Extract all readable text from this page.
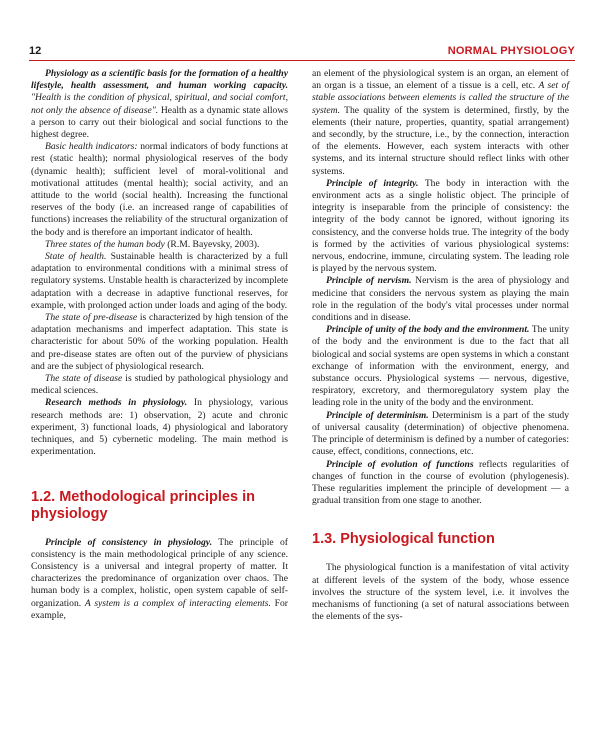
12	NORMAL PHYSIOLOGY

Physiology as a scientific basis for the formation of a healthy lifestyle, health assessment, and human working capacity. "Health is the condition of physical, spiritual, and social comfort, not only the absence of disease". Health as a dynamic state allows a person to carry out their biological and social functions to the highest degree.

Basic health indicators: normal indicators of body functions at rest (static health); normal physiological reserves of the body (dynamic health); sufficient level of moral-volitional and motivational attitudes (mental health); social activity, and an attitude to the world (social health). Increasing the functional reserves of the body (i.e. an increased range of capabilities of functions) increases the reliability of the structural organization of the body and is therefore an important indicator of health.

Three states of the human body (R.M. Bayevsky, 2003).

State of health. Sustainable health is characterized by a full adaptation to environmental conditions with a minimal stress of regulatory systems. Unstable health is characterized by incomplete adaptation with a decrease in adaptive functional reserves, for example, with prolonged action under loads and aging of the body.

The state of pre-disease is characterized by high tension of the adaptation mechanisms and imperfect adaptation. This state is characteristic for about 50% of the working population. Health and pre-disease states are often out of the purview of physicians and are the subject of physiological research.

The state of disease is studied by pathological physiology and medical sciences.

Research methods in physiology. In physiology, various research methods are: 1) observation, 2) acute and chronic experiment, 3) functional loads, 4) physiological and laboratory techniques, and 5) cybernetic modeling. The main method is experimentation.

1.2. Methodological principles in physiology

Principle of consistency in physiology. The principle of consistency is the main methodological principle of any science. Consistency is a universal and integral property of matter. It characterizes the predominance of organization over chaos. The human body is a complex, holistic, open system capable of self-organization. A system is a complex of interacting elements. For example,

an element of the physiological system is an organ, an element of an organ is a tissue, an element of a tissue is a cell, etc. A set of stable associations between elements is called the structure of the system. The quality of the system is determined, firstly, by the elements (their nature, properties, quantity, spatial arrangement) and secondly, by the structure, i.e., by the connection, interaction of the elements. However, each system interacts with other systems, and its internal structure should reflect links with other systems.

Principle of integrity. The body in interaction with the environment acts as a single holistic object. The principle of integrity is inseparable from the principle of consistency: the integrity of the body cannot be ignored, without ignoring its consistency, and the converse holds true. The integrity of the body is formed by the activities of various physiological systems: nervous, endocrine, immune, circulating system. The leading role is played by the nervous system.

Principle of nervism. Nervism is the area of physiology and medicine that considers the nervous system as playing the main role in the regulation of the body's vital processes under normal conditions and in disease.

Principle of unity of the body and the environment. The unity of the body and the environment is due to the fact that all biological and social systems are open systems in which a constant exchange of information with the environment, energy, and substance occurs. Physiological systems — nervous, digestive, respiratory, excretory, and thermoregulatory system play the leading role in the unity of the body and the environment.

Principle of determinism. Determinism is a part of the study of universal causality (determination) of objective phenomena. The principle of determinism is defined by a number of categories: cause, effect, conditions, connections, etc.

Principle of evolution of functions reflects regularities of changes of function in the course of evolution (phylogenesis). These regularities implement the principle of development — a gradual transition from one stage to another.

1.3. Physiological function

The physiological function is a manifestation of vital activity at different levels of the system of the body, whose essence involves the structure of the system level, i.e. it involves the mechanisms of functioning (a set of natural associations between the elements of the sys-
